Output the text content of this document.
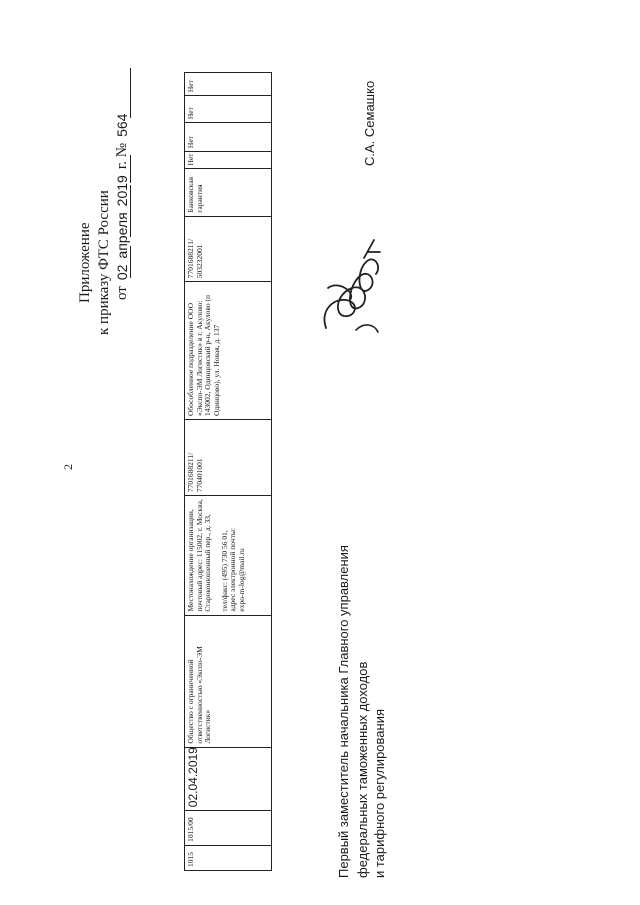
2
Приложение к приказу ФТС России от
02
апреля
2019
г. №
564
1015
1015/00
02.04.2019
Общество с ограниченной ответственностью «Экспо-ЭМ Логистик»
Местонахождение организации, почтовый адрес: 115002, г. Москва, Староконюшенный пер., д. 33, тел/факс: (495) 730 56 01, адрес электронной почты: expo-m-log@mail.ru
7701688211/ 770401001
Обособленное подразделение ООО «Экспо-ЭМ Логистик» в г. Акулово: 143002, Одинцовский р-н, Акулово (п Одинцово), ул. Новая, д. 137
7701688211/ 503232001
Банковская гарантия
Нет
Нет
Нет
Нет
Первый заместитель начальника Главного управления федеральных таможенных доходов и тарифного регулирования
С.А. Семашко
